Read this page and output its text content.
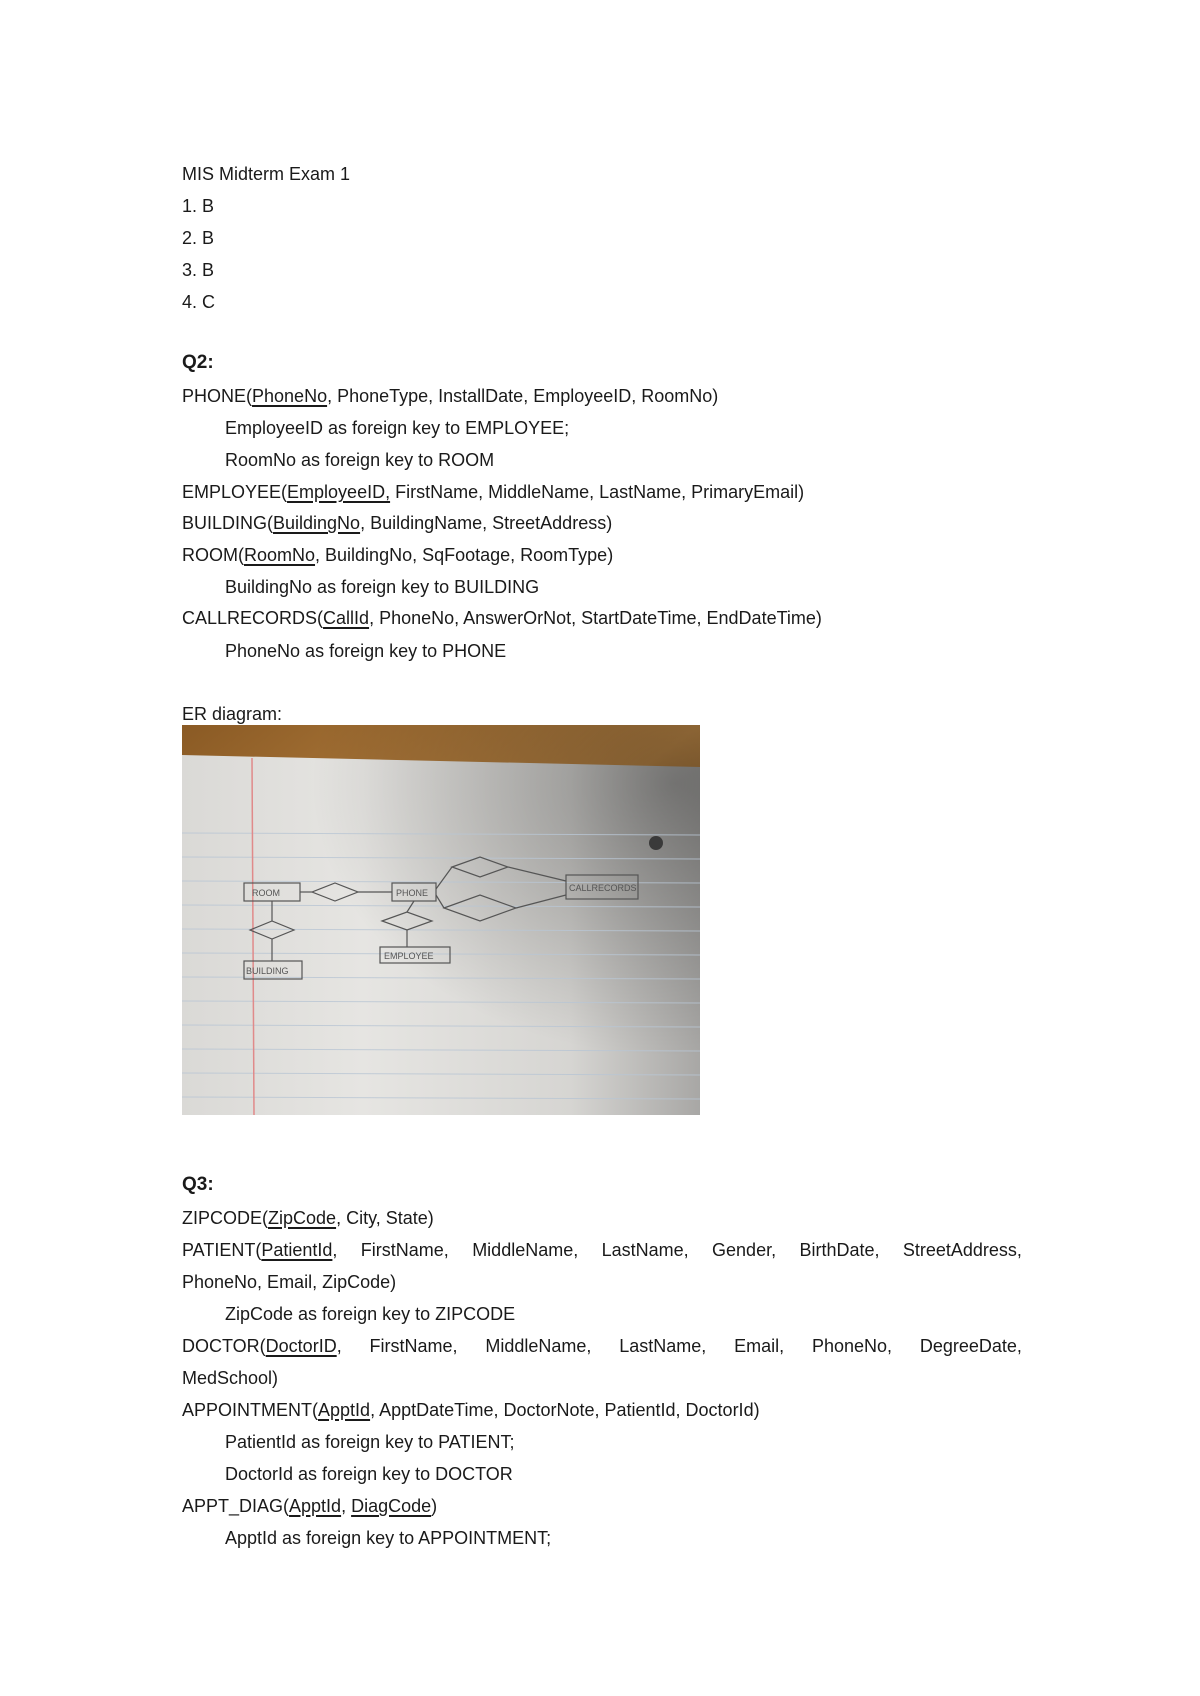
MIS Midterm Exam 1
1. B
2. B
3. B
4. C
Q2:
PHONE(PhoneNo, PhoneType, InstallDate, EmployeeID, RoomNo)
EmployeeID as foreign key to EMPLOYEE;
RoomNo as foreign key to ROOM
EMPLOYEE(EmployeeID, FirstName, MiddleName, LastName, PrimaryEmail)
BUILDING(BuildingNo, BuildingName, StreetAddress)
ROOM(RoomNo, BuildingNo, SqFootage, RoomType)
BuildingNo as foreign key to BUILDING
CALLRECORDS(CallId, PhoneNo, AnswerOrNot, StartDateTime, EndDateTime)
PhoneNo as foreign key to PHONE
ER diagram:
ROOM	PHONE	CALLRECORDS
BUILDING
EMPLOYEE
Q3:
ZIPCODE(ZipCode, City, State)
PATIENT(PatientId, FirstName, MiddleName, LastName, Gender, BirthDate, StreetAddress,
PhoneNo, Email, ZipCode)
ZipCode as foreign key to ZIPCODE
DOCTOR(DoctorID, FirstName, MiddleName, LastName, Email, PhoneNo, DegreeDate,
MedSchool)
APPOINTMENT(ApptId, ApptDateTime, DoctorNote, PatientId, DoctorId)
PatientId as foreign key to PATIENT;
DoctorId as foreign key to DOCTOR
APPT_DIAG(ApptId, DiagCode)
ApptId as foreign key to APPOINTMENT;
